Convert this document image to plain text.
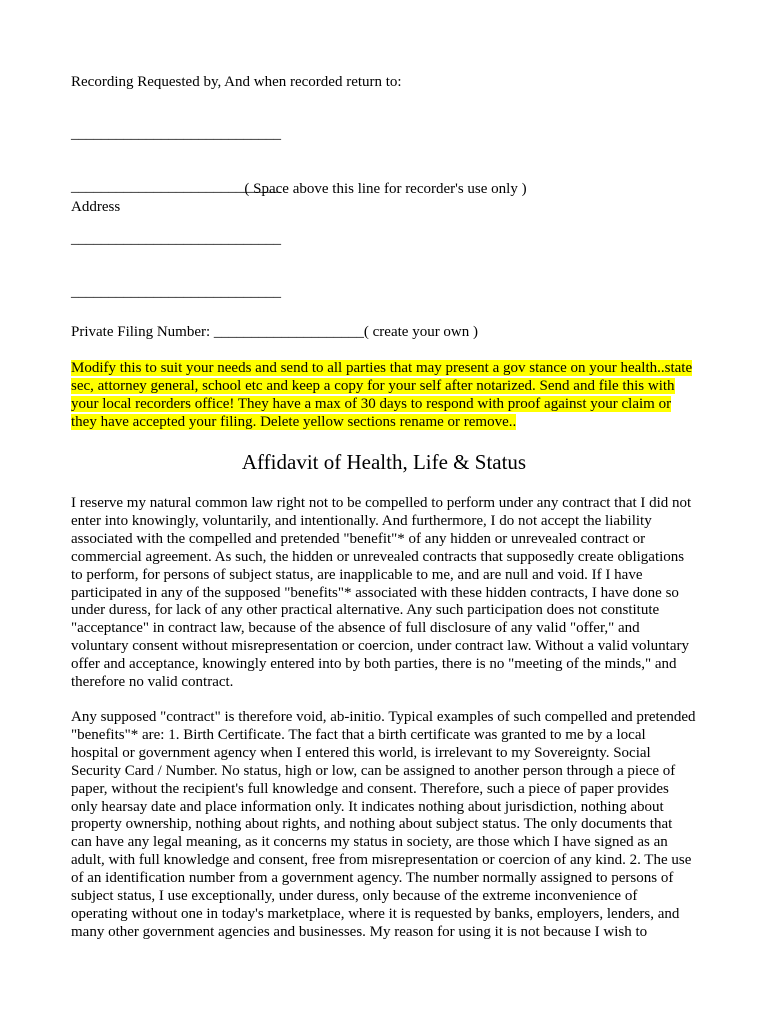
Recording Requested by, And when recorded return to:

____________________________

____________________________

____________________________

____________________________

( Space above this line for recorder's use only )
Address
Private Filing Number: ____________________( create your own )
Modify this to suit your needs and send to all parties that may present a gov stance on your health..state sec, attorney general, school etc and keep a copy for your self after notarized. Send and file this with your local recorders office! They have a max of 30 days to respond with proof against your claim or they have accepted your filing. Delete yellow sections rename or remove..
Affidavit of Health, Life & Status
I reserve my natural common law right not to be compelled to perform under any contract that I did not enter into knowingly, voluntarily, and intentionally. And furthermore, I do not accept the liability associated with the compelled and pretended "benefit"* of any hidden or unrevealed contract or commercial agreement. As such, the hidden or unrevealed contracts that supposedly create obligations to perform, for persons of subject status, are inapplicable to me, and are null and void. If I have participated in any of the supposed "benefits"* associated with these hidden contracts, I have done so under duress, for lack of any other practical alternative. Any such participation does not constitute "acceptance" in contract law, because of the absence of full disclosure of any valid "offer," and voluntary consent without misrepresentation or coercion, under contract law. Without a valid voluntary offer and acceptance, knowingly entered into by both parties, there is no "meeting of the minds," and therefore no valid contract.
Any supposed "contract" is therefore void, ab-initio. Typical examples of such compelled and pretended "benefits"* are: 1. Birth Certificate. The fact that a birth certificate was granted to me by a local hospital or government agency when I entered this world, is irrelevant to my Sovereignty. Social Security Card / Number. No status, high or low, can be assigned to another person through a piece of paper, without the recipient's full knowledge and consent. Therefore, such a piece of paper provides only hearsay date and place information only. It indicates nothing about jurisdiction, nothing about property ownership, nothing about rights, and nothing about subject status. The only documents that can have any legal meaning, as it concerns my status in society, are those which I have signed as an adult, with full knowledge and consent, free from misrepresentation or coercion of any kind. 2. The use of an identification number from a government agency. The number normally assigned to persons of subject status, I use exceptionally, under duress, only because of the extreme inconvenience of operating without one in today's marketplace, where it is requested by banks, employers, lenders, and many other government agencies and businesses. My reason for using it is not because I wish to
